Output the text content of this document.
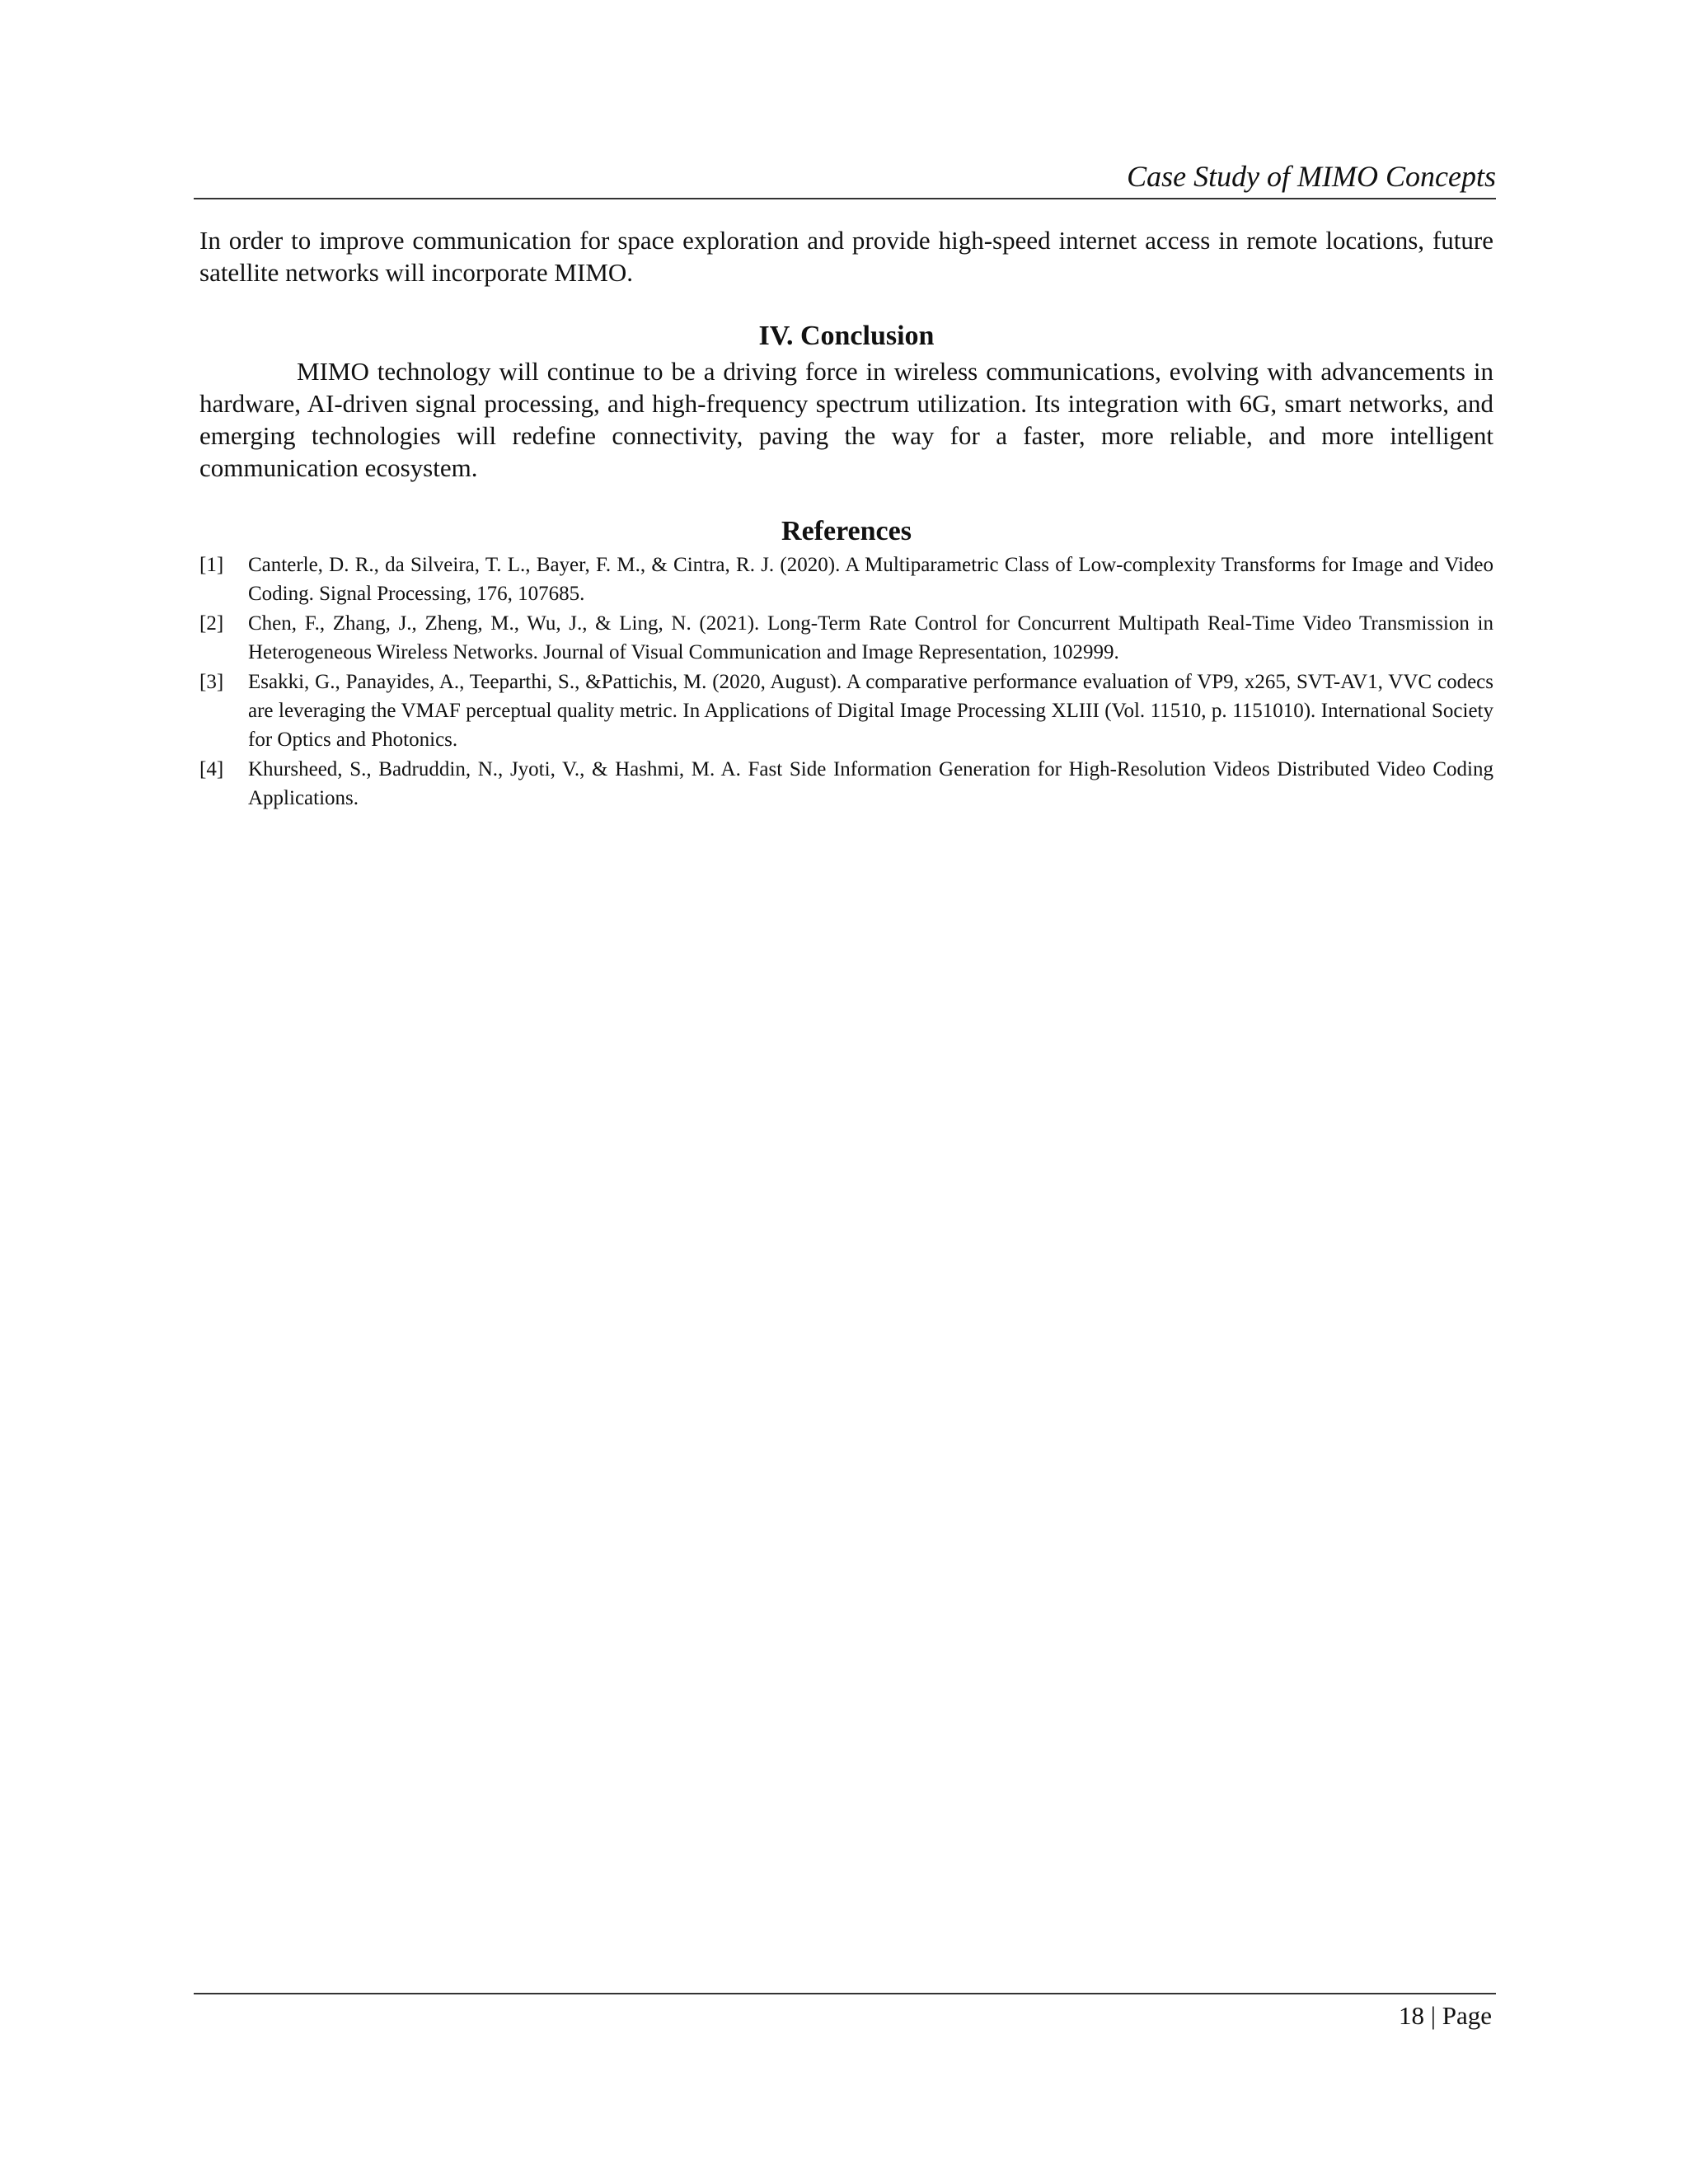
Case Study of MIMO Concepts

In order to improve communication for space exploration and provide high-speed internet access in remote locations, future satellite networks will incorporate MIMO.

IV. Conclusion

MIMO technology will continue to be a driving force in wireless communications, evolving with advancements in hardware, AI-driven signal processing, and high-frequency spectrum utilization. Its integration with 6G, smart networks, and emerging technologies will redefine connectivity, paving the way for a faster, more reliable, and more intelligent communication ecosystem.

References
[1]	Canterle, D. R., da Silveira, T. L., Bayer, F. M., & Cintra, R. J. (2020). A Multiparametric Class of Low-complexity Transforms for Image and Video Coding. Signal Processing, 176, 107685.
[2]	Chen, F., Zhang, J., Zheng, M., Wu, J., & Ling, N. (2021). Long-Term Rate Control for Concurrent Multipath Real-Time Video Transmission in Heterogeneous Wireless Networks. Journal of Visual Communication and Image Representation, 102999.
[3]	Esakki, G., Panayides, A., Teeparthi, S., &Pattichis, M. (2020, August). A comparative performance evaluation of VP9, x265, SVT-AV1, VVC codecs are leveraging the VMAF perceptual quality metric. In Applications of Digital Image Processing XLIII (Vol. 11510, p. 1151010). International Society for Optics and Photonics.
[4]	Khursheed, S., Badruddin, N., Jyoti, V., & Hashmi, M. A. Fast Side Information Generation for High-Resolution Videos Distributed Video Coding Applications.
18 | Page
